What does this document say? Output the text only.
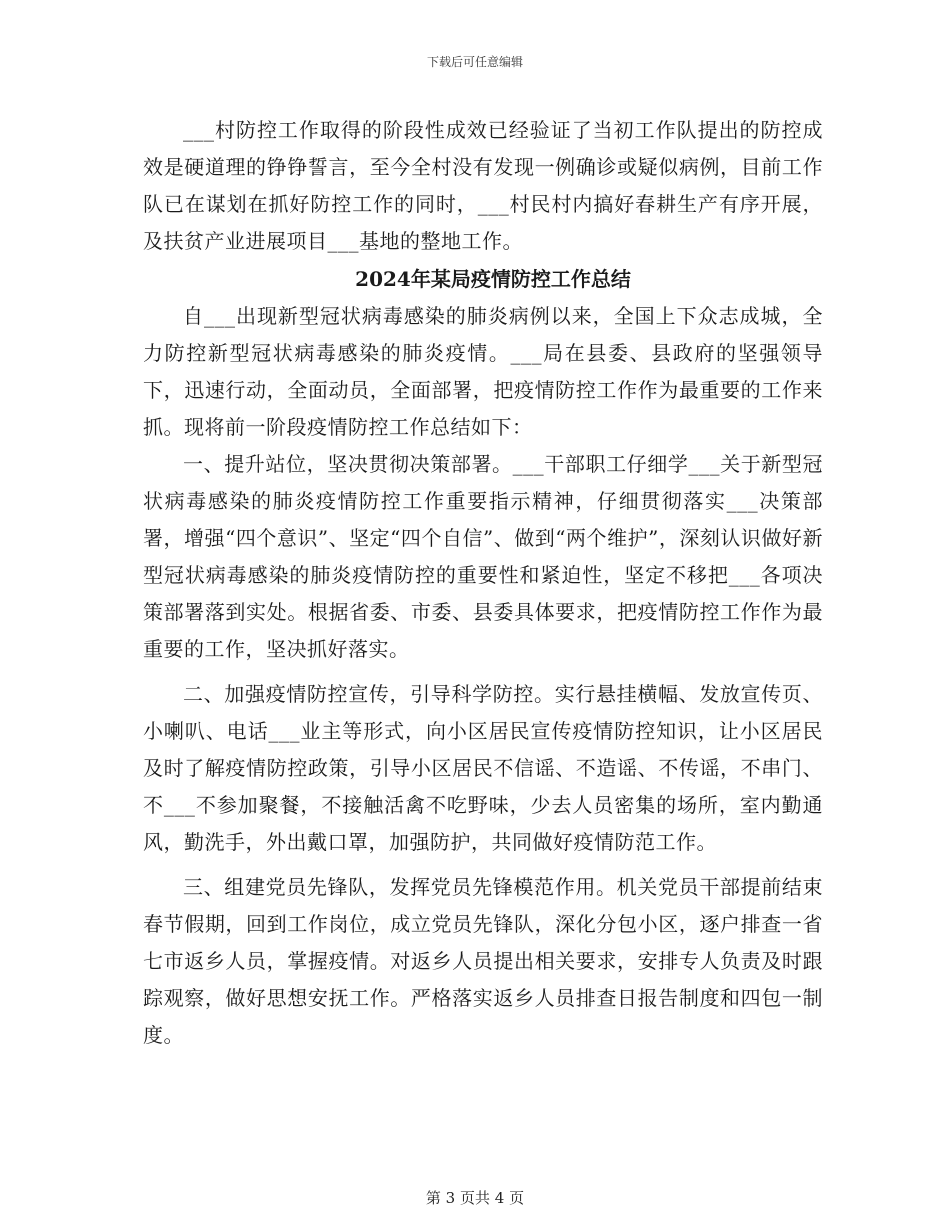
下载后可任意编辑

___村防控工作取得的阶段性成效已经验证了当初工作队提出的防控成效是硬道理的铮铮誓言，至今全村没有发现一例确诊或疑似病例，目前工作队已在谋划在抓好防控工作的同时，___村民村内搞好春耕生产有序开展，及扶贫产业进展项目___基地的整地工作。

2024年某局疫情防控工作总结

自___出现新型冠状病毒感染的肺炎病例以来，全国上下众志成城，全力防控新型冠状病毒感染的肺炎疫情。___局在县委、县政府的坚强领导下，迅速行动，全面动员，全面部署，把疫情防控工作作为最重要的工作来抓。现将前一阶段疫情防控工作总结如下：

一、提升站位，坚决贯彻决策部署。___干部职工仔细学___关于新型冠状病毒感染的肺炎疫情防控工作重要指示精神，仔细贯彻落实___决策部署，增强“四个意识”、坚定“四个自信”、做到“两个维护”，深刻认识做好新型冠状病毒感染的肺炎疫情防控的重要性和紧迫性，坚定不移把___各项决策部署落到实处。根据省委、市委、县委具体要求，把疫情防控工作作为最重要的工作，坚决抓好落实。

二、加强疫情防控宣传，引导科学防控。实行悬挂横幅、发放宣传页、小喇叭、电话___业主等形式，向小区居民宣传疫情防控知识，让小区居民及时了解疫情防控政策，引导小区居民不信谣、不造谣、不传谣，不串门、不___不参加聚餐，不接触活禽不吃野味，少去人员密集的场所，室内勤通风，勤洗手，外出戴口罩，加强防护，共同做好疫情防范工作。

三、组建党员先锋队，发挥党员先锋模范作用。机关党员干部提前结束春节假期，回到工作岗位，成立党员先锋队，深化分包小区，逐户排查一省七市返乡人员，掌握疫情。对返乡人员提出相关要求，安排专人负责及时跟踪观察，做好思想安抚工作。严格落实返乡人员排查日报告制度和四包一制度。

第 3 页共 4 页
